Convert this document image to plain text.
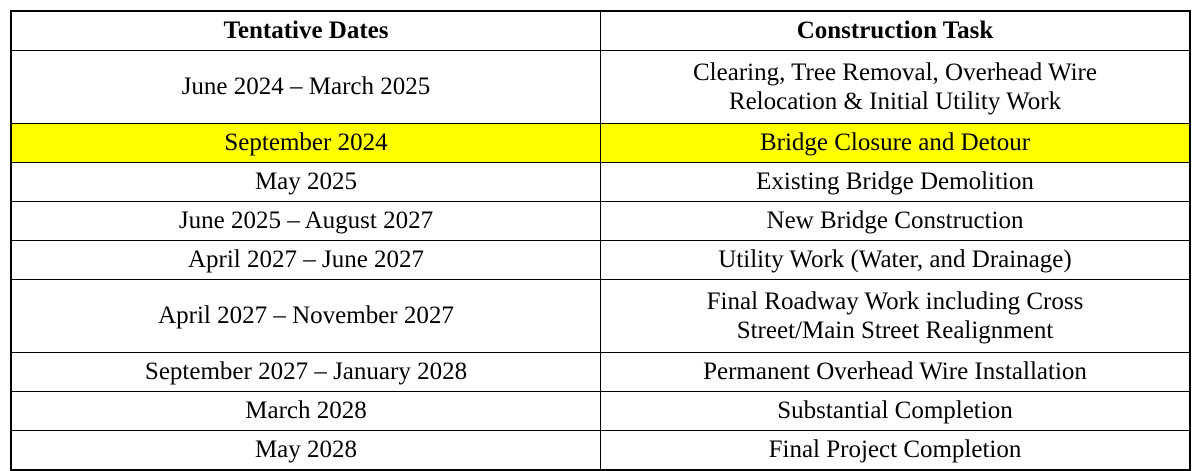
Tentative Dates	Construction Task
June 2024 – March 2025	Clearing, Tree Removal, Overhead Wire
Relocation & Initial Utility Work

September 2024	Bridge Closure and Detour
May 2025	Existing Bridge Demolition
June 2025 – August 2027	New Bridge Construction
April 2027 – June 2027	Utility Work (Water, and Drainage)
April 2027 – November 2027	Final Roadway Work including Cross
Street/Main Street Realignment

September 2027 – January 2028	Permanent Overhead Wire Installation
March 2028	Substantial Completion
May 2028	Final Project Completion
